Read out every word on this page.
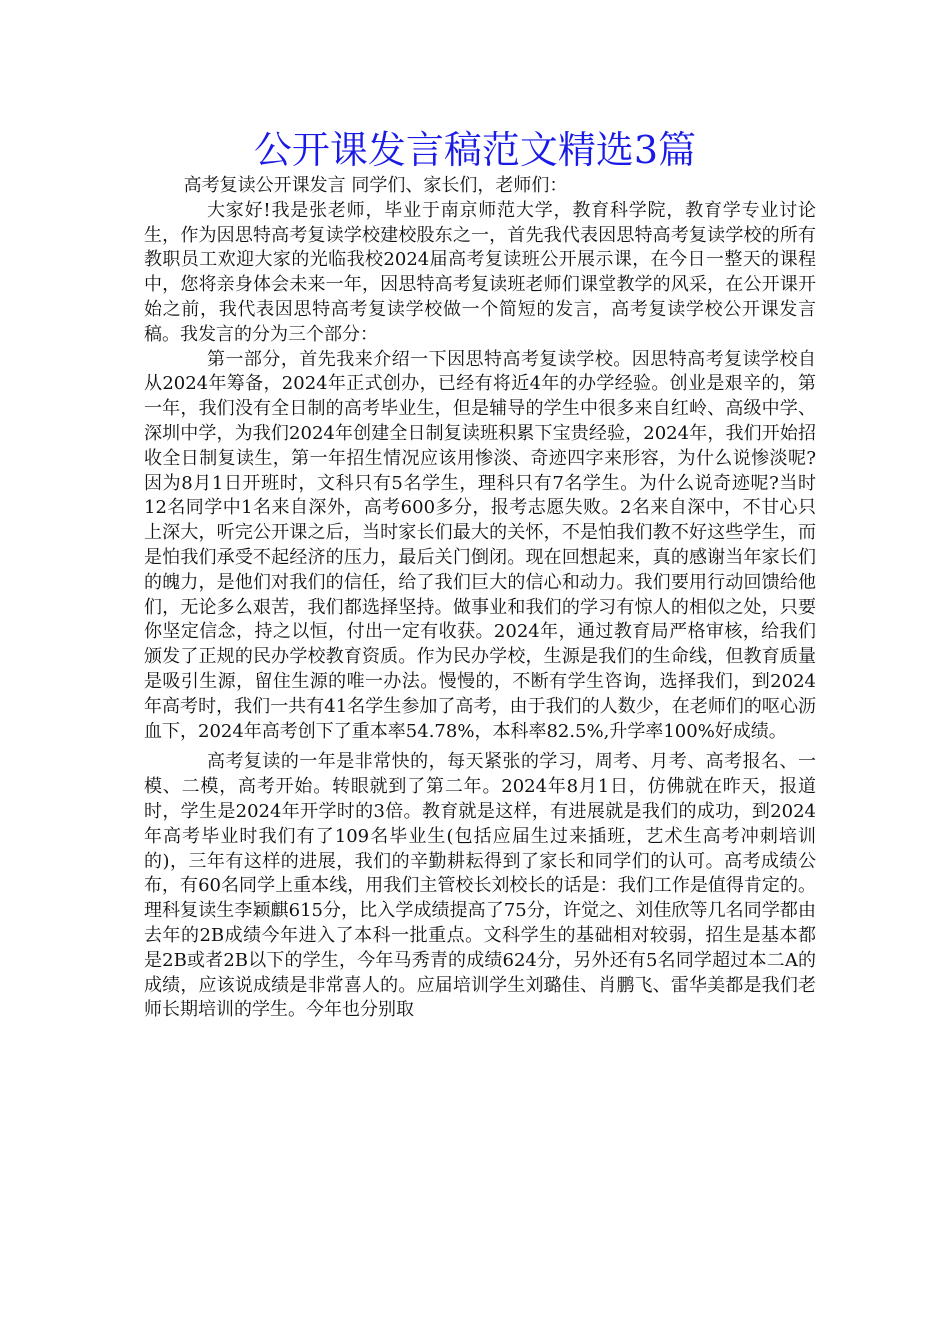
公开课发言稿范文精选3篇

高考复读公开课发言 同学们、家长们，老师们：

大家好!我是张老师，毕业于南京师范大学，教育科学院，教育学专业讨论生，作为因思特高考复读学校建校股东之一，首先我代表因思特高考复读学校的所有教职员工欢迎大家的光临我校2024届高考复读班公开展示课，在今日一整天的课程中，您将亲身体会未来一年，因思特高考复读班老师们课堂教学的风采，在公开课开始之前，我代表因思特高考复读学校做一个简短的发言，高考复读学校公开课发言稿。我发言的分为三个部分：

第一部分，首先我来介绍一下因思特高考复读学校。因思特高考复读学校自从2024年筹备，2024年正式创办，已经有将近4年的办学经验。创业是艰辛的，第一年，我们没有全日制的高考毕业生，但是辅导的学生中很多来自红岭、高级中学、深圳中学，为我们2024年创建全日制复读班积累下宝贵经验，2024年，我们开始招收全日制复读生，第一年招生情况应该用惨淡、奇迹四字来形容，为什么说惨淡呢?因为8月1日开班时，文科只有5名学生，理科只有7名学生。为什么说奇迹呢?当时12名同学中1名来自深外，高考600多分，报考志愿失败。2名来自深中，不甘心只上深大，听完公开课之后，当时家长们最大的关怀，不是怕我们教不好这些学生，而是怕我们承受不起经济的压力，最后关门倒闭。现在回想起来，真的感谢当年家长们的魄力，是他们对我们的信任，给了我们巨大的信心和动力。我们要用行动回馈给他们，无论多么艰苦，我们都选择坚持。做事业和我们的学习有惊人的相似之处，只要你坚定信念，持之以恒，付出一定有收获。2024年，通过教育局严格审核，给我们颁发了正规的民办学校教育资质。作为民办学校，生源是我们的生命线，但教育质量是吸引生源，留住生源的唯一办法。慢慢的，不断有学生咨询，选择我们，到2024年高考时，我们一共有41名学生参加了高考，由于我们的人数少，在老师们的呕心沥血下，2024年高考创下了重本率54.78%，本科率82.5%,升学率100%好成绩。

高考复读的一年是非常快的，每天紧张的学习，周考、月考、高考报名、一模、二模，高考开始。转眼就到了第二年。2024年8月1日，仿佛就在昨天，报道时，学生是2024年开学时的3倍。教育就是这样，有进展就是我们的成功，到2024年高考毕业时我们有了109名毕业生(包括应届生过来插班，艺术生高考冲刺培训的)，三年有这样的进展，我们的辛勤耕耘得到了家长和同学们的认可。高考成绩公布，有60名同学上重本线，用我们主管校长刘校长的话是：我们工作是值得肯定的。理科复读生李颖麒615分，比入学成绩提高了75分，许觉之、刘佳欣等几名同学都由去年的2B成绩今年进入了本科一批重点。文科学生的基础相对较弱，招生是基本都是2B或者2B以下的学生，今年马秀青的成绩624分，另外还有5名同学超过本二A的成绩，应该说成绩是非常喜人的。应届培训学生刘璐佳、肖鹏飞、雷华美都是我们老师长期培训的学生。今年也分别取
